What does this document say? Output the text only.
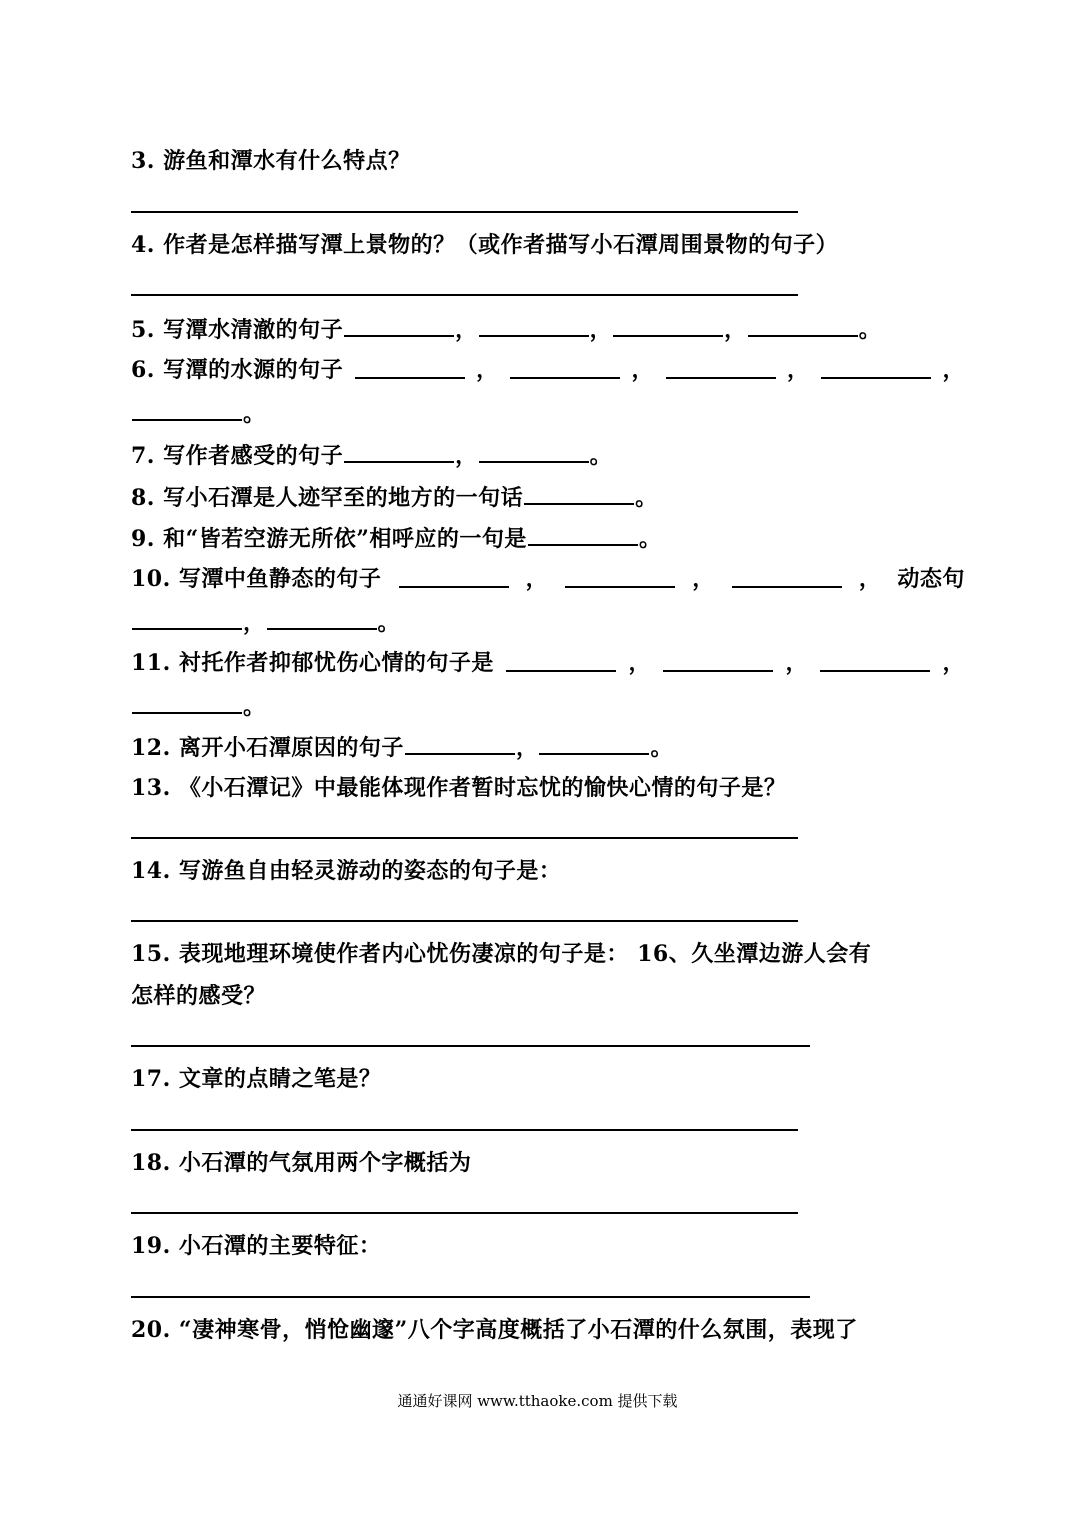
3. 游鱼和潭水有什么特点？
4. 作者是怎样描写潭上景物的？（或作者描写小石潭周围景物的句子）
5. 写潭水清澈的句子	，	，	，	。
6. 写潭的水源的句子	，	，	，	，
。
7. 写作者感受的句子	，	。
8. 写小石潭是人迹罕至的地方的一句话	。
9. 和“皆若空游无所依”相呼应的一句是	。
10. 写潭中鱼静态的句子	，	，	， 动态句
，	。
11. 衬托作者抑郁忧伤心情的句子是	，	，	，
。
12. 离开小石潭原因的句子	，	。
13. 《小石潭记》中最能体现作者暂时忘忧的愉快心情的句子是？
14. 写游鱼自由轻灵游动的姿态的句子是：
15. 表现地理环境使作者内心忧伤凄凉的句子是： 16、久坐潭边游人会有
怎样的感受？
17. 文章的点睛之笔是？
18. 小石潭的气氛用两个字概括为
19. 小石潭的主要特征：
20. “凄神寒骨，悄怆幽邃”八个字高度概括了小石潭的什么氛围，表现了
通通好课网 www.tthaoke.com 提供下载
